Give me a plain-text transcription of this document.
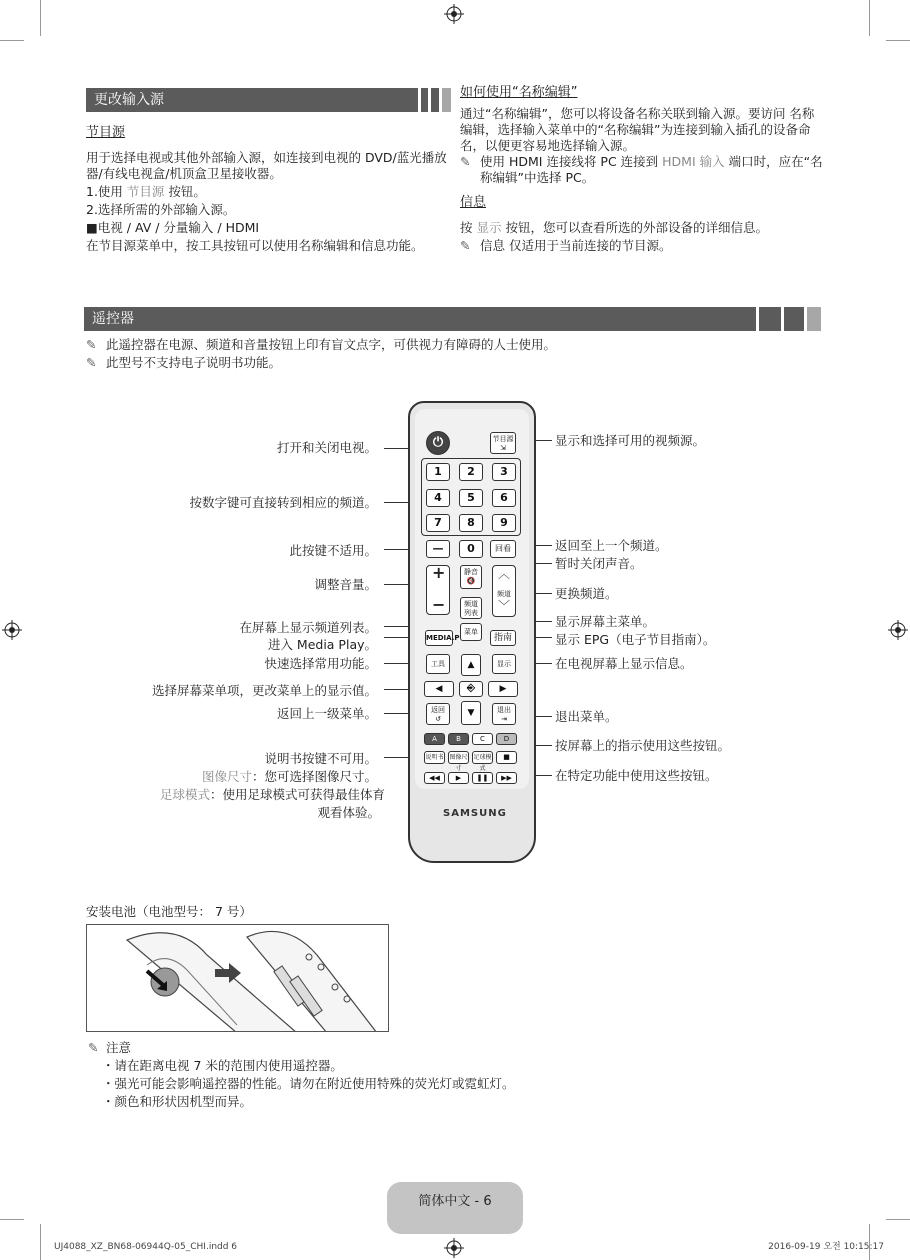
更改输入源
节目源
用于选择电视或其他外部输入源，如连接到电视的 DVD/蓝光播放器/有线电视盒/机顶盒卫星接收器。
1.使用 节目源 按钮。
2.选择所需的外部输入源。
■电视 / AV / 分量输入 / HDMI
在节目源菜单中，按工具按钮可以使用名称编辑和信息功能。
如何使用“名称编辑”
通过“名称编辑”，您可以将设备名称关联到输入源。要访问 名称编辑，选择输入菜单中的“名称编辑”为连接到输入插孔的设备命名，以便更容易地选择输入源。
✎ 使用 HDMI 连接线将 PC 连接到 HDMI 输入 端口时，应在“名称编辑”中选择 PC。
信息
按 显示 按钮，您可以查看所选的外部设备的详细信息。
✎ 信息 仅适用于当前连接的节目源。
遥控器
✎ 此遥控器在电源、频道和音量按钮上印有盲文点字，可供视力有障碍的人士使用。
✎ 此型号不支持电子说明书功能。
打开和关闭电视。
按数字键可直接转到相应的频道。
此按键不适用。
调整音量。
在屏幕上显示频道列表。
进入 Media Play。
快速选择常用功能。
选择屏幕菜单项，更改菜单上的显示值。
返回上一级菜单。
说明书按键不可用。
图像尺寸：您可选择图像尺寸。
足球模式：使用足球模式可获得最佳体育
观看体验。
显示和选择可用的视频源。
返回至上一个频道。
暂时关闭声音。
更换频道。
显示屏幕主菜单。
显示 EPG（电子节目指南）。
在电视屏幕上显示信息。
退出菜单。
按屏幕上的指示使用这些按钮。
在特定功能中使用这些按钮。
⏻	节目源
⇲
1	2	3
4	5	6
7	8	9
—	0	回看
+
−
静音
🔇
频道列表
︿
频道
﹀
菜单
MEDIA.P	指南
工具	显示
▲
◀	⎆	▶
返回
↺
▼	退出
⇥
A	B	C	D
说明书 图像尺寸
足球模式
■
◀◀	▶	❚❚	▶▶
SAMSUNG
安装电池（电池型号： 7 号）
✎ 注意
・请在距离电视 7 米的范围内使用遥控器。
・强光可能会影响遥控器的性能。请勿在附近使用特殊的荧光灯或霓虹灯。
・颜色和形状因机型而异。
简体中文 - 6
UJ4088_XZ_BN68-06944Q-05_CHI.indd 6	2016-09-19 오전 10:15:17
